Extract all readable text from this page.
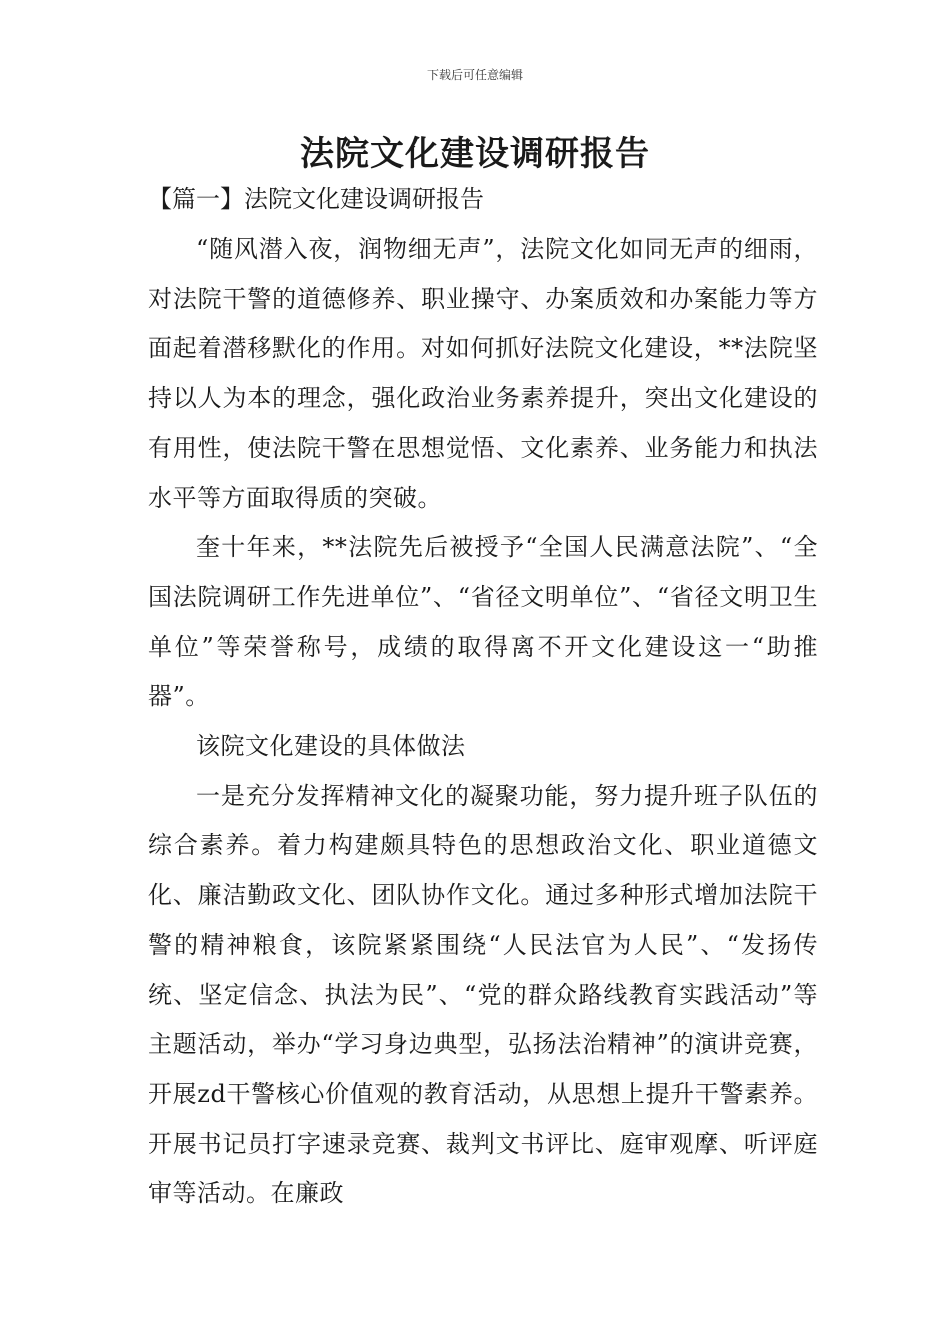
下载后可任意编辑
法院文化建设调研报告
【篇一】法院文化建设调研报告

“随风潜入夜，润物细无声”，法院文化如同无声的细雨，对法院干警的道德修养、职业操守、办案质效和办案能力等方面起着潜移默化的作用。对如何抓好法院文化建设，**法院坚持以人为本的理念，强化政治业务素养提升，突出文化建设的有用性，使法院干警在思想觉悟、文化素养、业务能力和执法水平等方面取得质的突破。

奎十年来，**法院先后被授予“全国人民满意法院”、“全国法院调研工作先进单位”、“省径文明单位”、“省径文明卫生单位”等荣誉称号，成绩的取得离不开文化建设这一“助推器”。

该院文化建设的具体做法

一是充分发挥精神文化的凝聚功能，努力提升班子队伍的综合素养。着力构建颇具特色的思想政治文化、职业道德文化、廉洁勤政文化、团队协作文化。通过多种形式增加法院干警的精神粮食，该院紧紧围绕“人民法官为人民”、“发扬传统、坚定信念、执法为民”、“党的群众路线教育实践活动”等主题活动，举办“学习身边典型，弘扬法治精神”的演讲竞赛，开展zd干警核心价值观的教育活动，从思想上提升干警素养。开展书记员打字速录竞赛、裁判文书评比、庭审观摩、听评庭审等活动。在廉政
